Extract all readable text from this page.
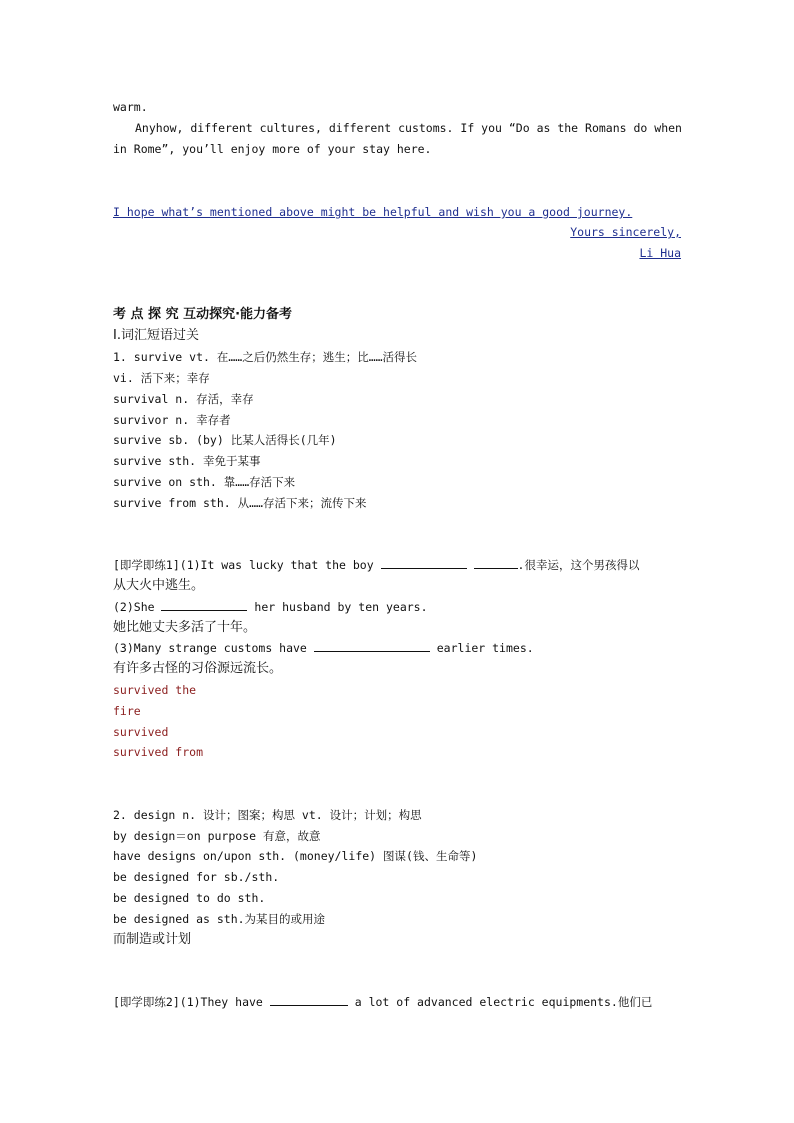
warm.
Anyhow, different cultures, different customs. If you “Do as the Romans do when
in Rome”, you’ll enjoy more of your stay here.
I hope what’s mentioned above might be helpful and wish you a good journey.
Yours sincerely,
Li Hua
考 点 探 究 互动探究·能力备考
Ⅰ.词汇短语过关
1. survive vt. 在……之后仍然生存；逃生；比……活得长
vi. 活下来；幸存
survival n. 存活，幸存
survivor n. 幸存者
survive sb. (by) 比某人活得长(几年)
survive sth. 幸免于某事
survive on sth. 靠……存活下来
survive from sth. 从……存活下来；流传下来
[即学即练1](1)It was lucky that the boy	.很幸运，这个男孩得以
从大火中逃生。
(2)She	her husband by ten years.
她比她丈夫多活了十年。
(3)Many strange customs have	earlier times.
有许多古怪的习俗源远流长。
survived the
fire
survived
survived from
2. design n. 设计；图案；构思 vt. 设计；计划；构思
by design＝on purpose 有意，故意
have designs on/upon sth. (money/life) 图谋(钱、生命等)
be designed for sb./sth.
be designed to do sth.
be designed as sth.为某目的或用途
而制造或计划
[即学即练2](1)They have	a lot of advanced electric equipments.他们已
